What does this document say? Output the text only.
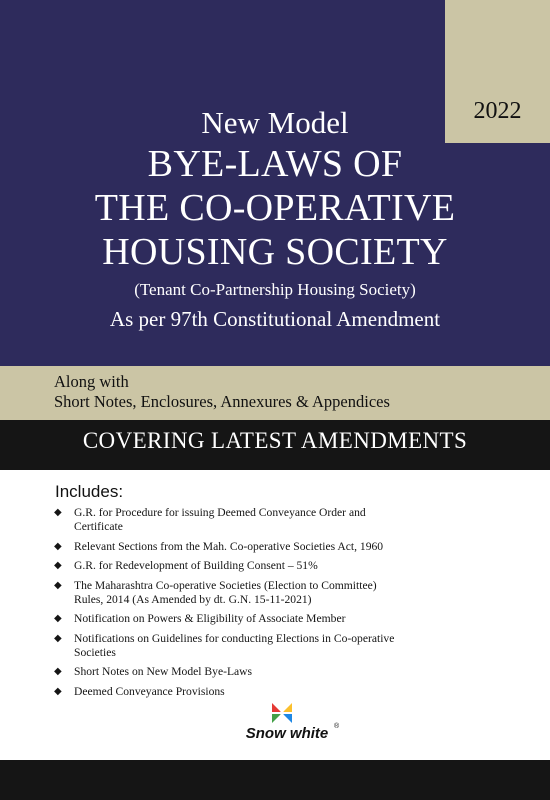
2022
New Model
BYE-LAWS OF
THE CO-OPERATIVE
HOUSING SOCIETY
(Tenant Co-Partnership Housing Society)
As per 97th Constitutional Amendment
Along with
Short Notes, Enclosures, Annexures & Appendices
COVERING LATEST AMENDMENTS
Includes:
◆ G.R. for Procedure for issuing Deemed Conveyance Order and
Certificate
◆ Relevant Sections from the Mah. Co-operative Societies Act, 1960
◆ G.R. for Redevelopment of Building Consent – 51%
◆ The Maharashtra Co-operative Societies (Election to Committee)
Rules, 2014 (As Amended by dt. G.N. 15-11-2021)
◆ Notification on Powers & Eligibility of Associate Member
◆ Notifications on Guidelines for conducting Elections in Co-operative
Societies
◆ Short Notes on New Model Bye-Laws
◆ Deemed Conveyance Provisions
Snow white ®
